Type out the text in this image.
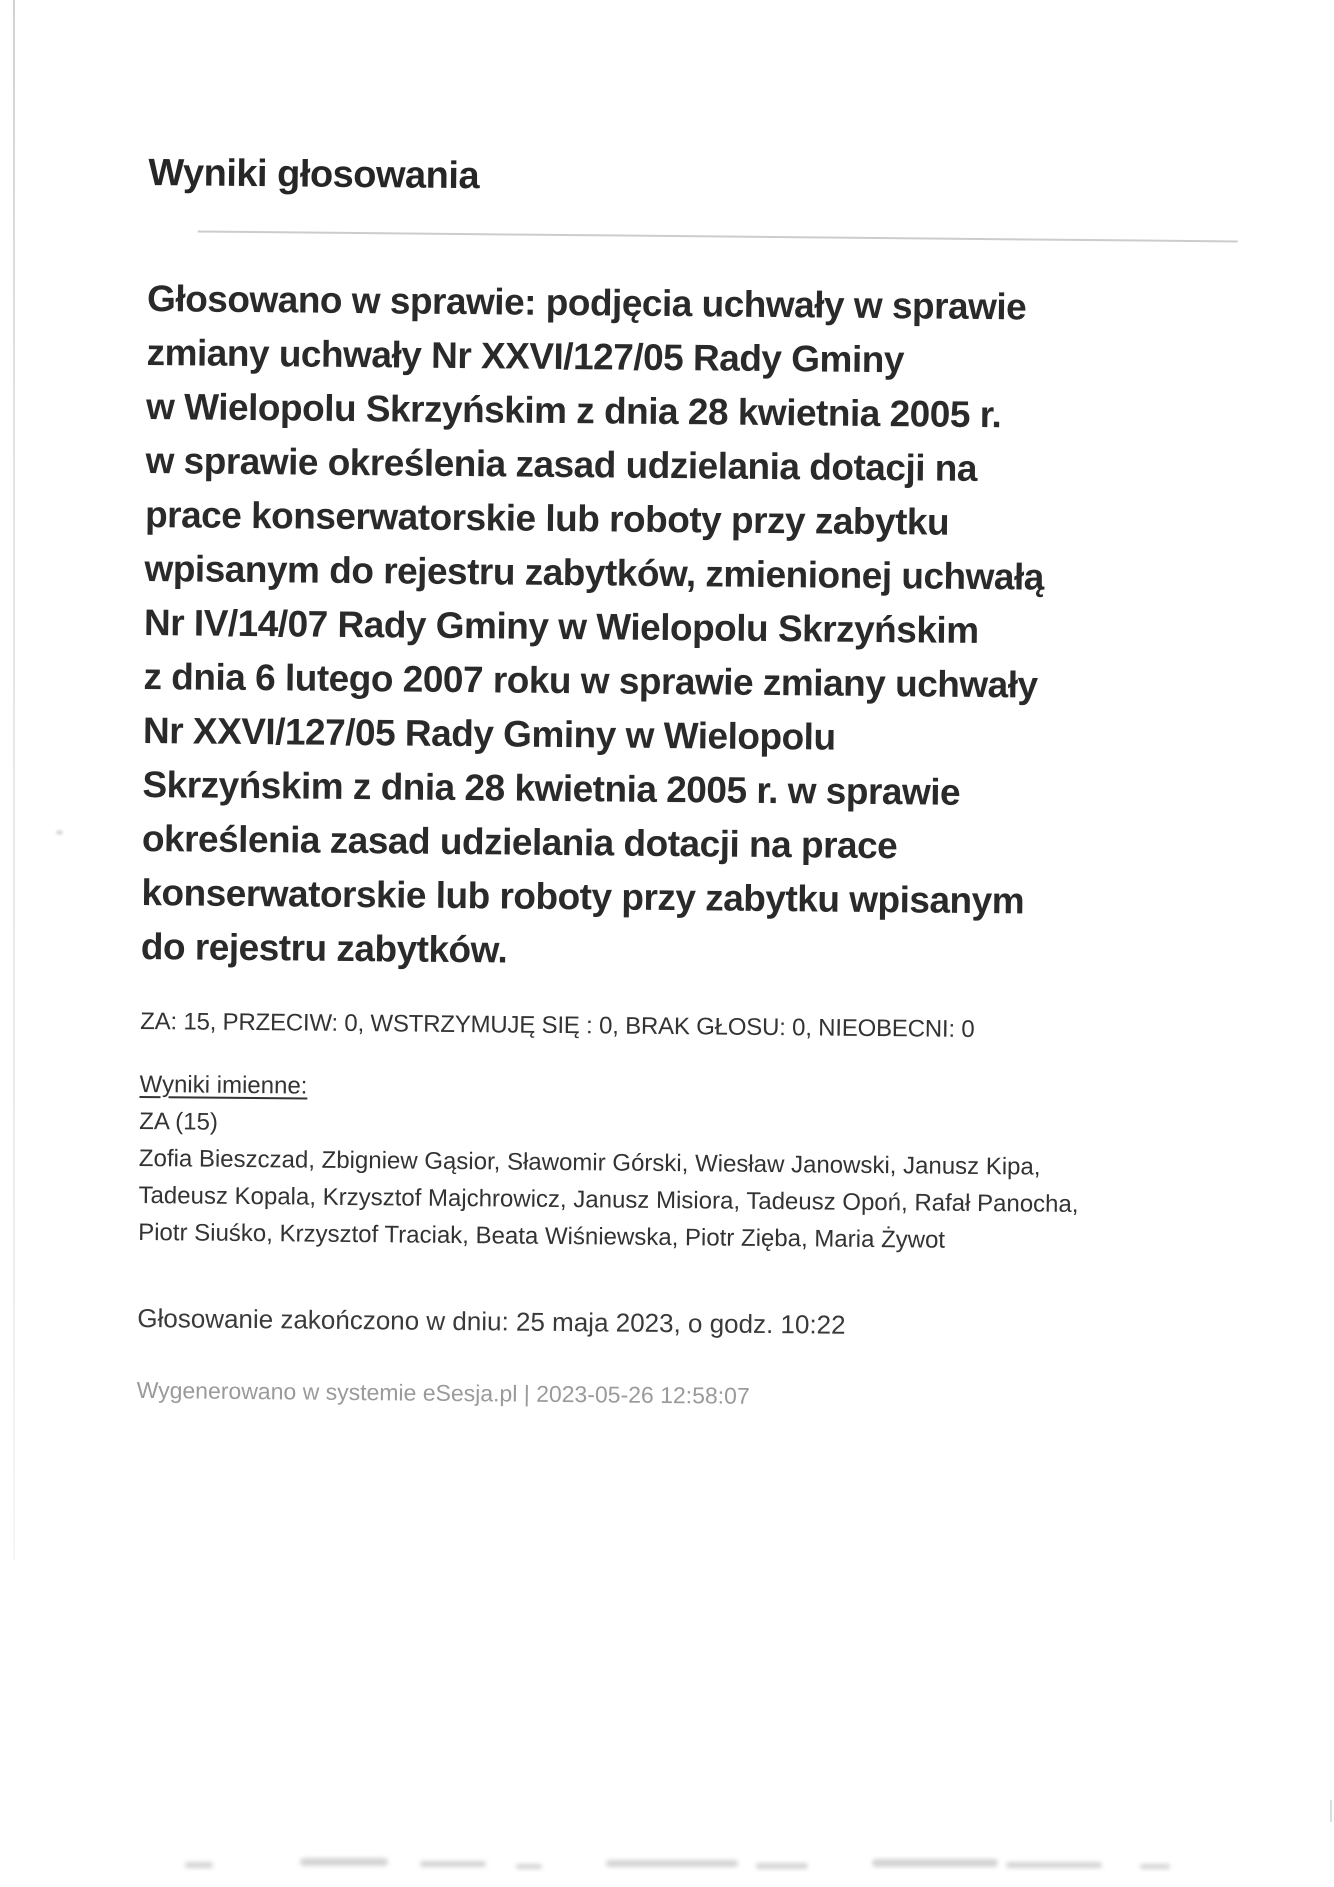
Wyniki głosowania
Głosowano w sprawie: podjęcia uchwały w sprawie
zmiany uchwały Nr XXVI/127/05 Rady Gminy
w Wielopolu Skrzyńskim z dnia 28 kwietnia 2005 r.
w sprawie określenia zasad udzielania dotacji na
prace konserwatorskie lub roboty przy zabytku
wpisanym do rejestru zabytków, zmienionej uchwałą
Nr IV/14/07 Rady Gminy w Wielopolu Skrzyńskim
z dnia 6 lutego 2007 roku w sprawie zmiany uchwały
Nr XXVI/127/05 Rady Gminy w Wielopolu
Skrzyńskim z dnia 28 kwietnia 2005 r. w sprawie
określenia zasad udzielania dotacji na prace
konserwatorskie lub roboty przy zabytku wpisanym
do rejestru zabytków.
ZA: 15, PRZECIW: 0, WSTRZYMUJĘ SIĘ : 0, BRAK GŁOSU: 0, NIEOBECNI: 0
Wyniki imienne:
ZA (15)
Zofia Bieszczad, Zbigniew Gąsior, Sławomir Górski, Wiesław Janowski, Janusz Kipa,
Tadeusz Kopala, Krzysztof Majchrowicz, Janusz Misiora, Tadeusz Opoń, Rafał Panocha,
Piotr Siuśko, Krzysztof Traciak, Beata Wiśniewska, Piotr Zięba, Maria Żywot
Głosowanie zakończono w dniu: 25 maja 2023, o godz. 10:22
Wygenerowano w systemie eSesja.pl | 2023-05-26 12:58:07
